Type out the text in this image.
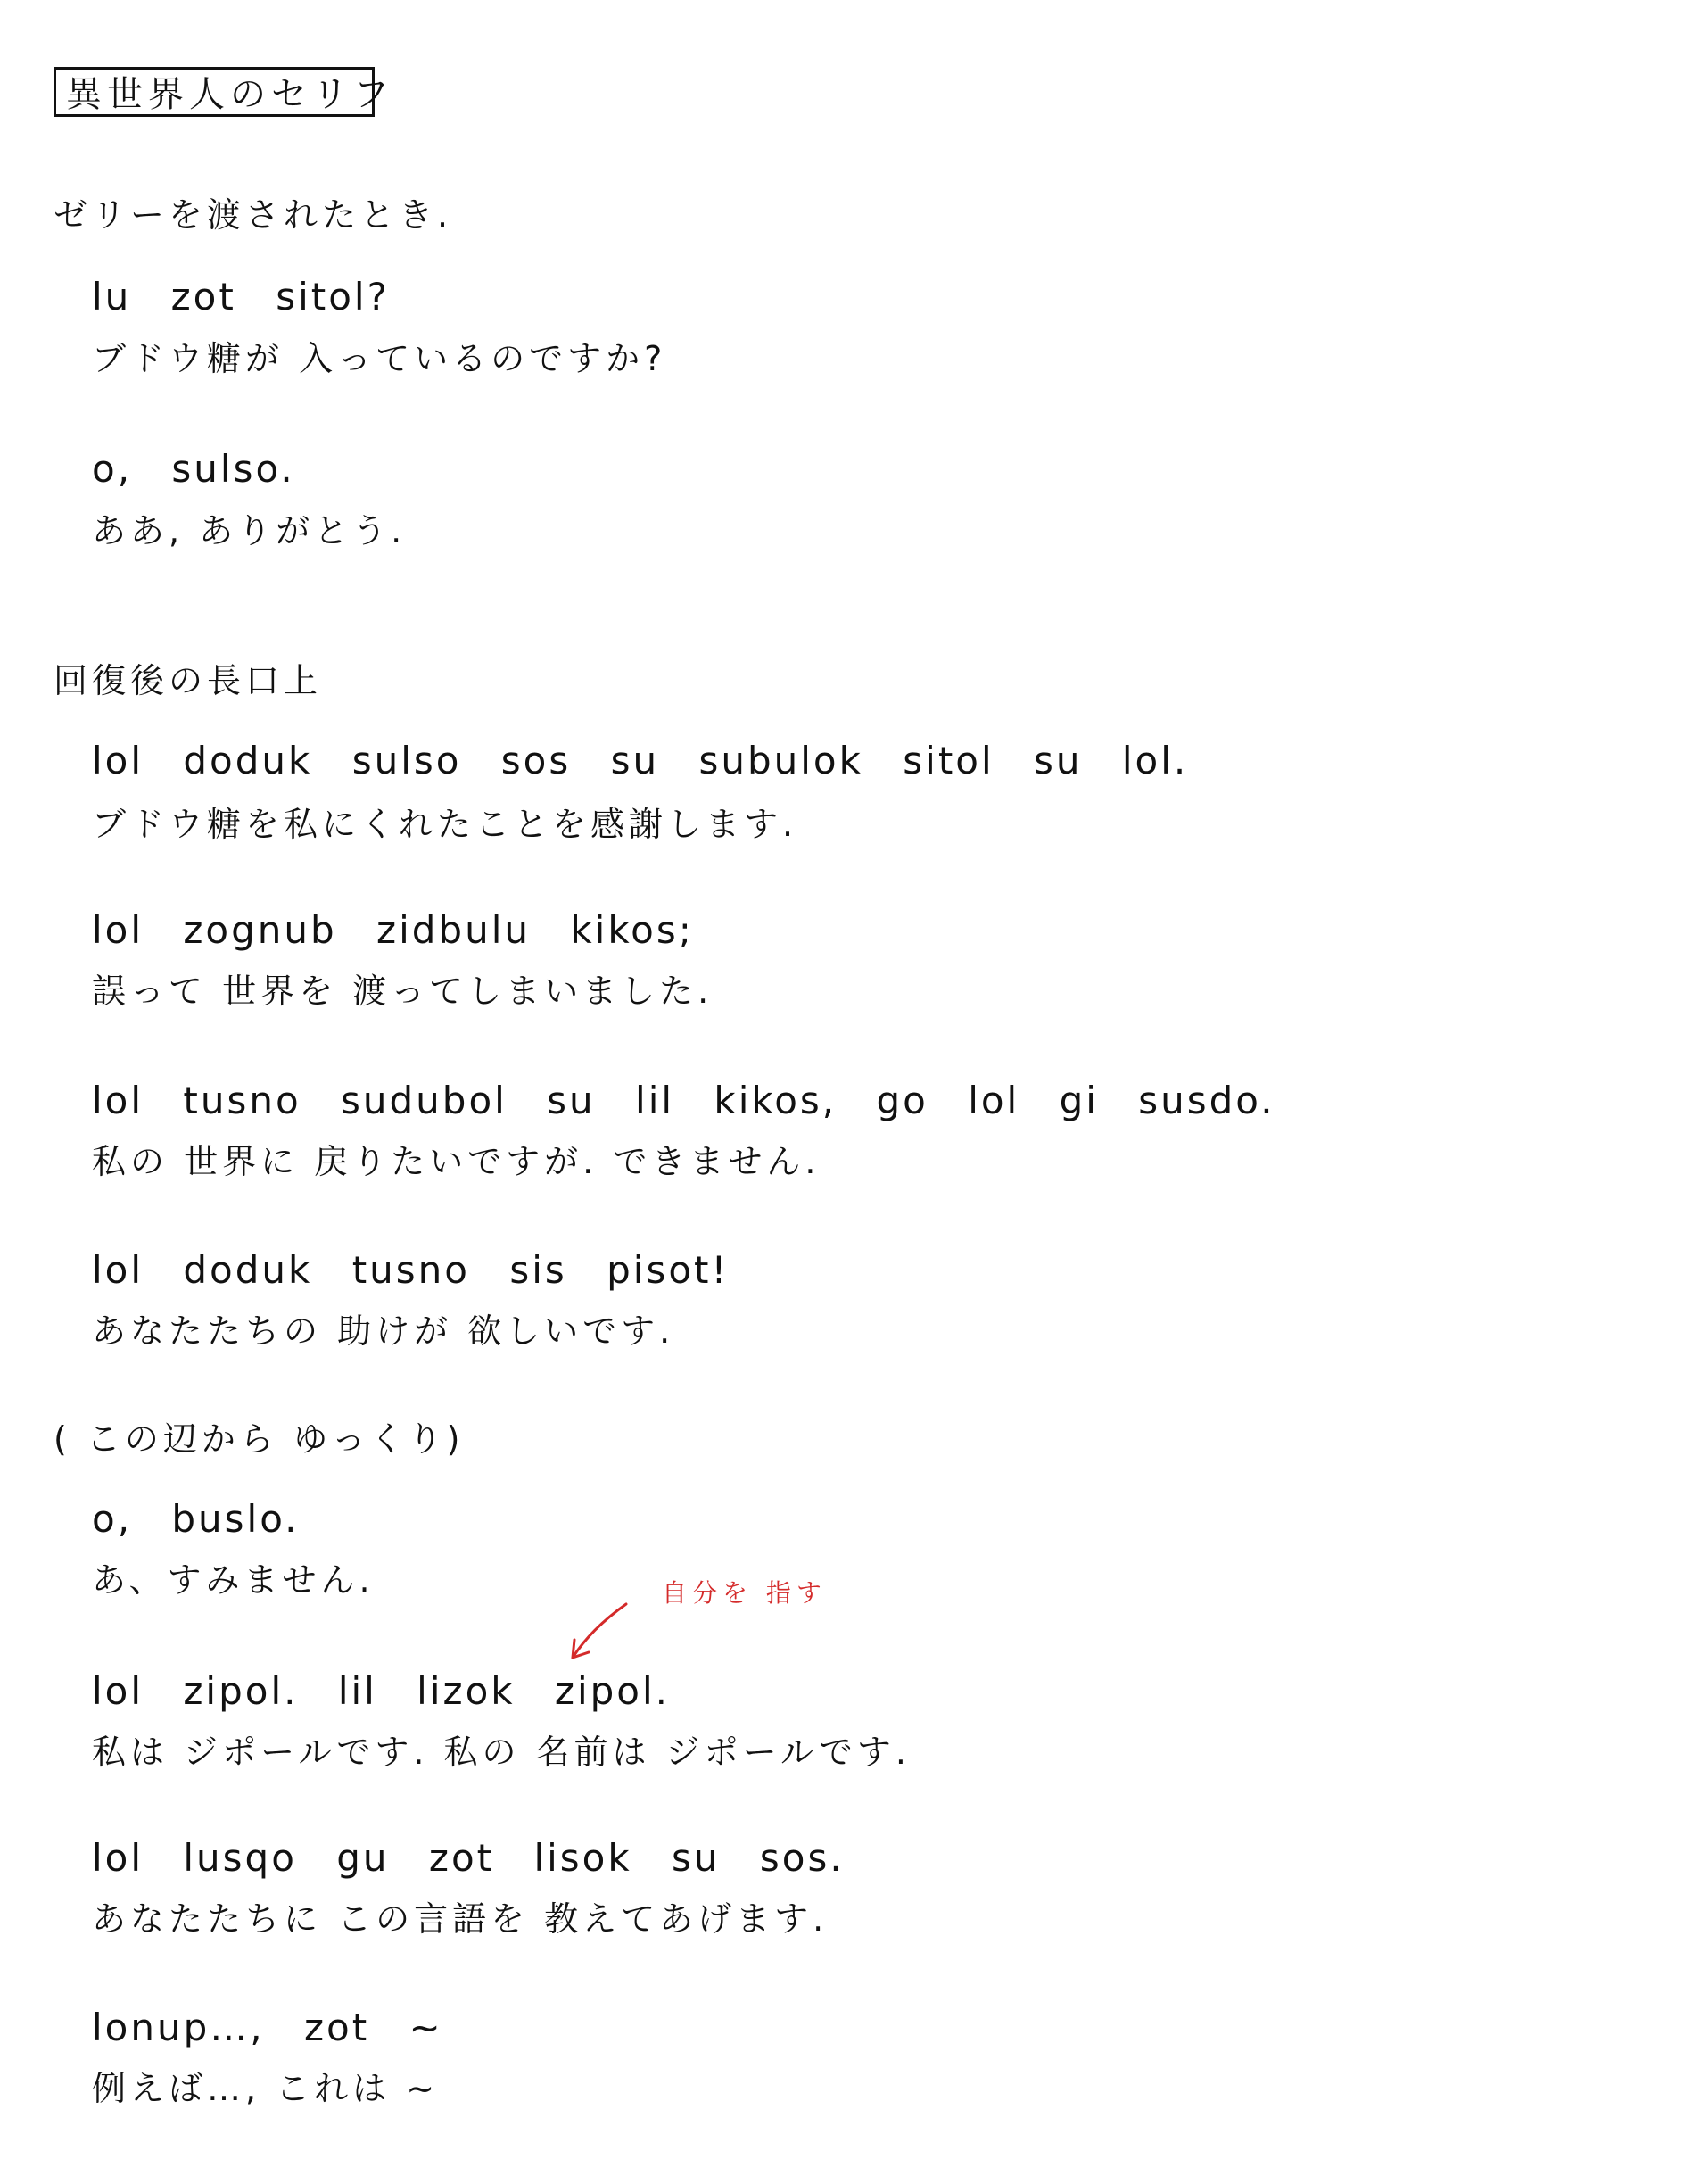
異世界人のセリフ
ゼリーを渡されたとき.
lu zot sitol?
ブドウ糖が 入っているのですか?
o, sulso.
ああ, ありがとう.
回復後の長口上
lol doduk sulso sos su subulok sitol su lol.
ブドウ糖を私にくれたことを感謝します.
lol zognub zidbulu kikos;
誤って 世界を 渡ってしまいました.
lol tusno sudubol su lil kikos, go lol gi susdo.
私の 世界に 戻りたいですが. できません.
lol doduk tusno sis pisot!
あなたたちの 助けが 欲しいです.
( この辺から ゆっくり)
o, buslo.
あ、すみません.	自分を 指す
lol zipol. lil lizok zipol.
私は ジポールです. 私の 名前は ジポールです.
lol lusqo gu zot lisok su sos.
あなたたちに この言語を 教えてあげます.
lonup…, zot ~
例えば…, これは ~
